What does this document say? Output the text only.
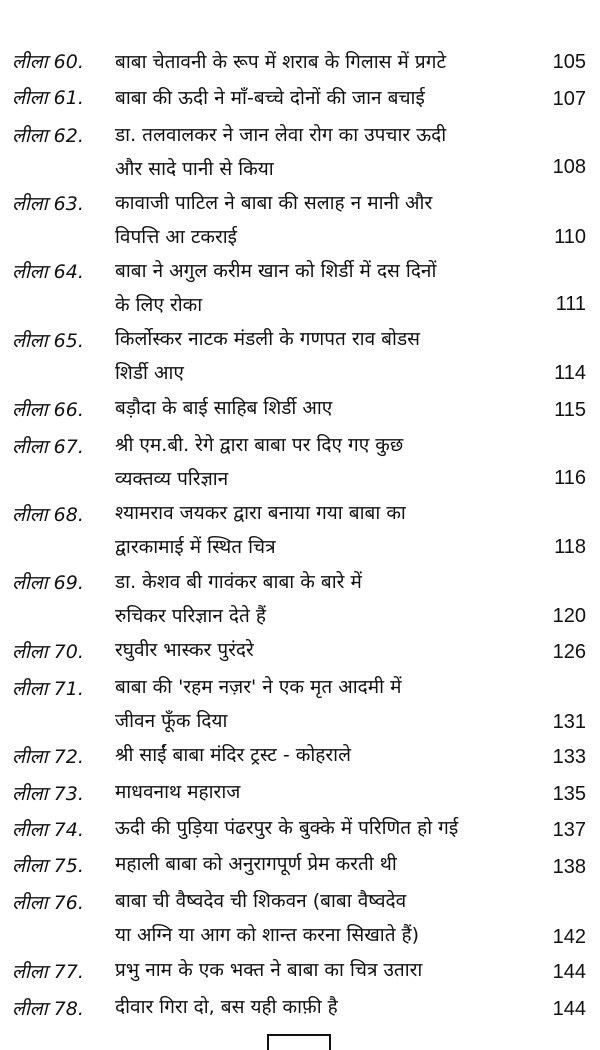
लीला 60. बाबा चेतावनी के रूप में शराब के गिलास में प्रगटे	105
लीला 61. बाबा की ऊदी ने माँ-बच्चे दोनों की जान बचाई	107
लीला 62. डा. तलवालकर ने जान लेवा रोग का उपचार ऊदी
और सादे पानी से किया	108
लीला 63. कावाजी पाटिल ने बाबा की सलाह न मानी और
विपत्ति आ टकराई	110
लीला 64. बाबा ने अगुल करीम खान को शिर्डी में दस दिनों
के लिए रोका	111
लीला 65. किर्लोस्कर नाटक मंडली के गणपत राव बोडस
शिर्डी आए	114
लीला 66. बड़ौदा के बाई साहिब शिर्डी आए	115
लीला 67. श्री एम.बी. रेगे द्वारा बाबा पर दिए गए कुछ
व्यक्तव्य परिज्ञान	116
लीला 68. श्यामराव जयकर द्वारा बनाया गया बाबा का
द्वारकामाई में स्थित चित्र	118
लीला 69. डा. केशव बी गावंकर बाबा के बारे में
रुचिकर परिज्ञान देते हैं	120
लीला 70. रघुवीर भास्कर पुरंदरे	126
लीला 71. बाबा की 'रहम नज़र' ने एक मृत आदमी में
जीवन फूँक दिया	131
लीला 72. श्री साईं बाबा मंदिर ट्रस्ट - कोहराले	133
लीला 73. माधवनाथ महाराज	135
लीला 74. ऊदी की पुड़िया पंढरपुर के बुक्के में परिणित हो गई	137
लीला 75. महाली बाबा को अनुरागपूर्ण प्रेम करती थी	138
लीला 76. बाबा ची वैष्वदेव ची शिकवन (बाबा वैष्वदेव
या अग्नि या आग को शान्त करना सिखाते हैं)	142
लीला 77. प्रभु नाम के एक भक्त ने बाबा का चित्र उतारा	144
लीला 78. दीवार गिरा दो, बस यही काफ़ी है	144
